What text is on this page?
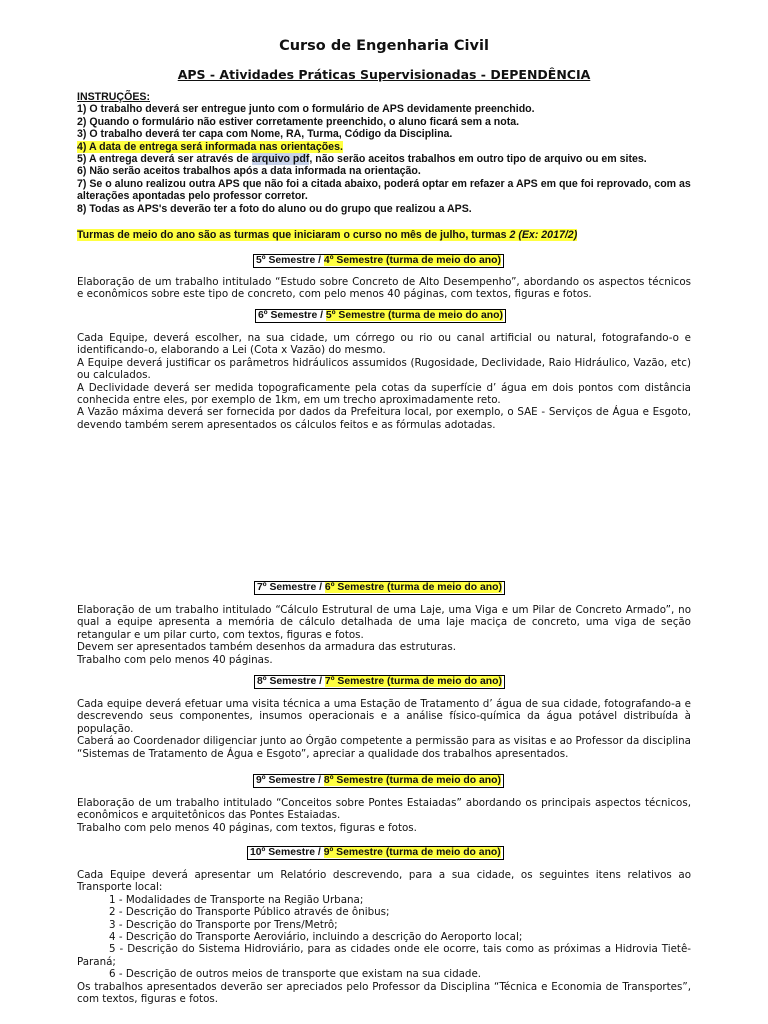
Curso de Engenharia Civil
APS - Atividades Práticas Supervisionadas - DEPENDÊNCIA
INSTRUÇÕES:
1) O trabalho deverá ser entregue junto com o formulário de APS devidamente preenchido.
2) Quando o formulário não estiver corretamente preenchido, o aluno ficará sem a nota.
3) O trabalho deverá ter capa com Nome, RA, Turma, Código da Disciplina.
4) A data de entrega será informada nas orientações.
5) A entrega deverá ser através de arquivo pdf, não serão aceitos trabalhos em outro tipo de arquivo ou em sites.
6) Não serão aceitos trabalhos após a data informada na orientação.
7) Se o aluno realizou outra APS que não foi a citada abaixo, poderá optar em refazer a APS em que foi reprovado, com as alterações apontadas pelo professor corretor.
8) Todas as APS's deverão ter a foto do aluno ou do grupo que realizou a APS.
Turmas de meio do ano são as turmas que iniciaram o curso no mês de julho, turmas 2 (Ex: 2017/2)
5º Semestre / 4º Semestre (turma de meio do ano)

Elaboração de um trabalho intitulado “Estudo sobre Concreto de Alto Desempenho”, abordando os aspectos técnicos e econômicos sobre este tipo de concreto, com pelo menos 40 páginas, com textos, figuras e fotos.

6º Semestre / 5º Semestre (turma de meio do ano)

Cada Equipe, deverá escolher, na sua cidade, um córrego ou rio ou canal artificial ou natural, fotografando-o e identificando-o, elaborando a Lei (Cota x Vazão) do mesmo.

A Equipe deverá justificar os parâmetros hidráulicos assumidos (Rugosidade, Declividade, Raio Hidráulico, Vazão, etc) ou calculados.

A Declividade deverá ser medida topograficamente pela cotas da superfície d’ água em dois pontos com distância conhecida entre eles, por exemplo de 1km, em um trecho aproximadamente reto.

A Vazão máxima deverá ser fornecida por dados da Prefeitura local, por exemplo, o SAE - Serviços de Água e Esgoto, devendo também serem apresentados os cálculos feitos e as fórmulas adotadas.

7º Semestre / 6º Semestre (turma de meio do ano)

Elaboração de um trabalho intitulado “Cálculo Estrutural de uma Laje, uma Viga e um Pilar de Concreto Armado”, no qual a equipe apresenta a memória de cálculo detalhada de uma laje maciça de concreto, uma viga de seção retangular e um pilar curto, com textos, figuras e fotos.

Devem ser apresentados também desenhos da armadura das estruturas.

Trabalho com pelo menos 40 páginas.

8º Semestre / 7º Semestre (turma de meio do ano)

Cada equipe deverá efetuar uma visita técnica a uma Estação de Tratamento d’ água de sua cidade, fotografando-a e descrevendo seus componentes, insumos operacionais e a análise físico-química da água potável distribuída à população.

Caberá ao Coordenador diligenciar junto ao Órgão competente a permissão para as visitas e ao Professor da disciplina “Sistemas de Tratamento de Água e Esgoto”, apreciar a qualidade dos trabalhos apresentados.

9º Semestre / 8º Semestre (turma de meio do ano)

Elaboração de um trabalho intitulado “Conceitos sobre Pontes Estaiadas” abordando os principais aspectos técnicos, econômicos e arquitetônicos das Pontes Estaiadas.

Trabalho com pelo menos 40 páginas, com textos, figuras e fotos.

10º Semestre / 9º Semestre (turma de meio do ano)

Cada Equipe deverá apresentar um Relatório descrevendo, para a sua cidade, os seguintes itens relativos ao Transporte local:

1 - Modalidades de Transporte na Região Urbana;

2 - Descrição do Transporte Público através de ônibus;

3 - Descrição do Transporte por Trens/Metrô;

4 - Descrição do Transporte Aeroviário, incluindo a descrição do Aeroporto local;

5 - Descrição do Sistema Hidroviário, para as cidades onde ele ocorre, tais como as próximas a Hidrovia Tietê-Paraná;

6 - Descrição de outros meios de transporte que existam na sua cidade.

Os trabalhos apresentados deverão ser apreciados pelo Professor da Disciplina “Técnica e Economia de Transportes”, com textos, figuras e fotos.
